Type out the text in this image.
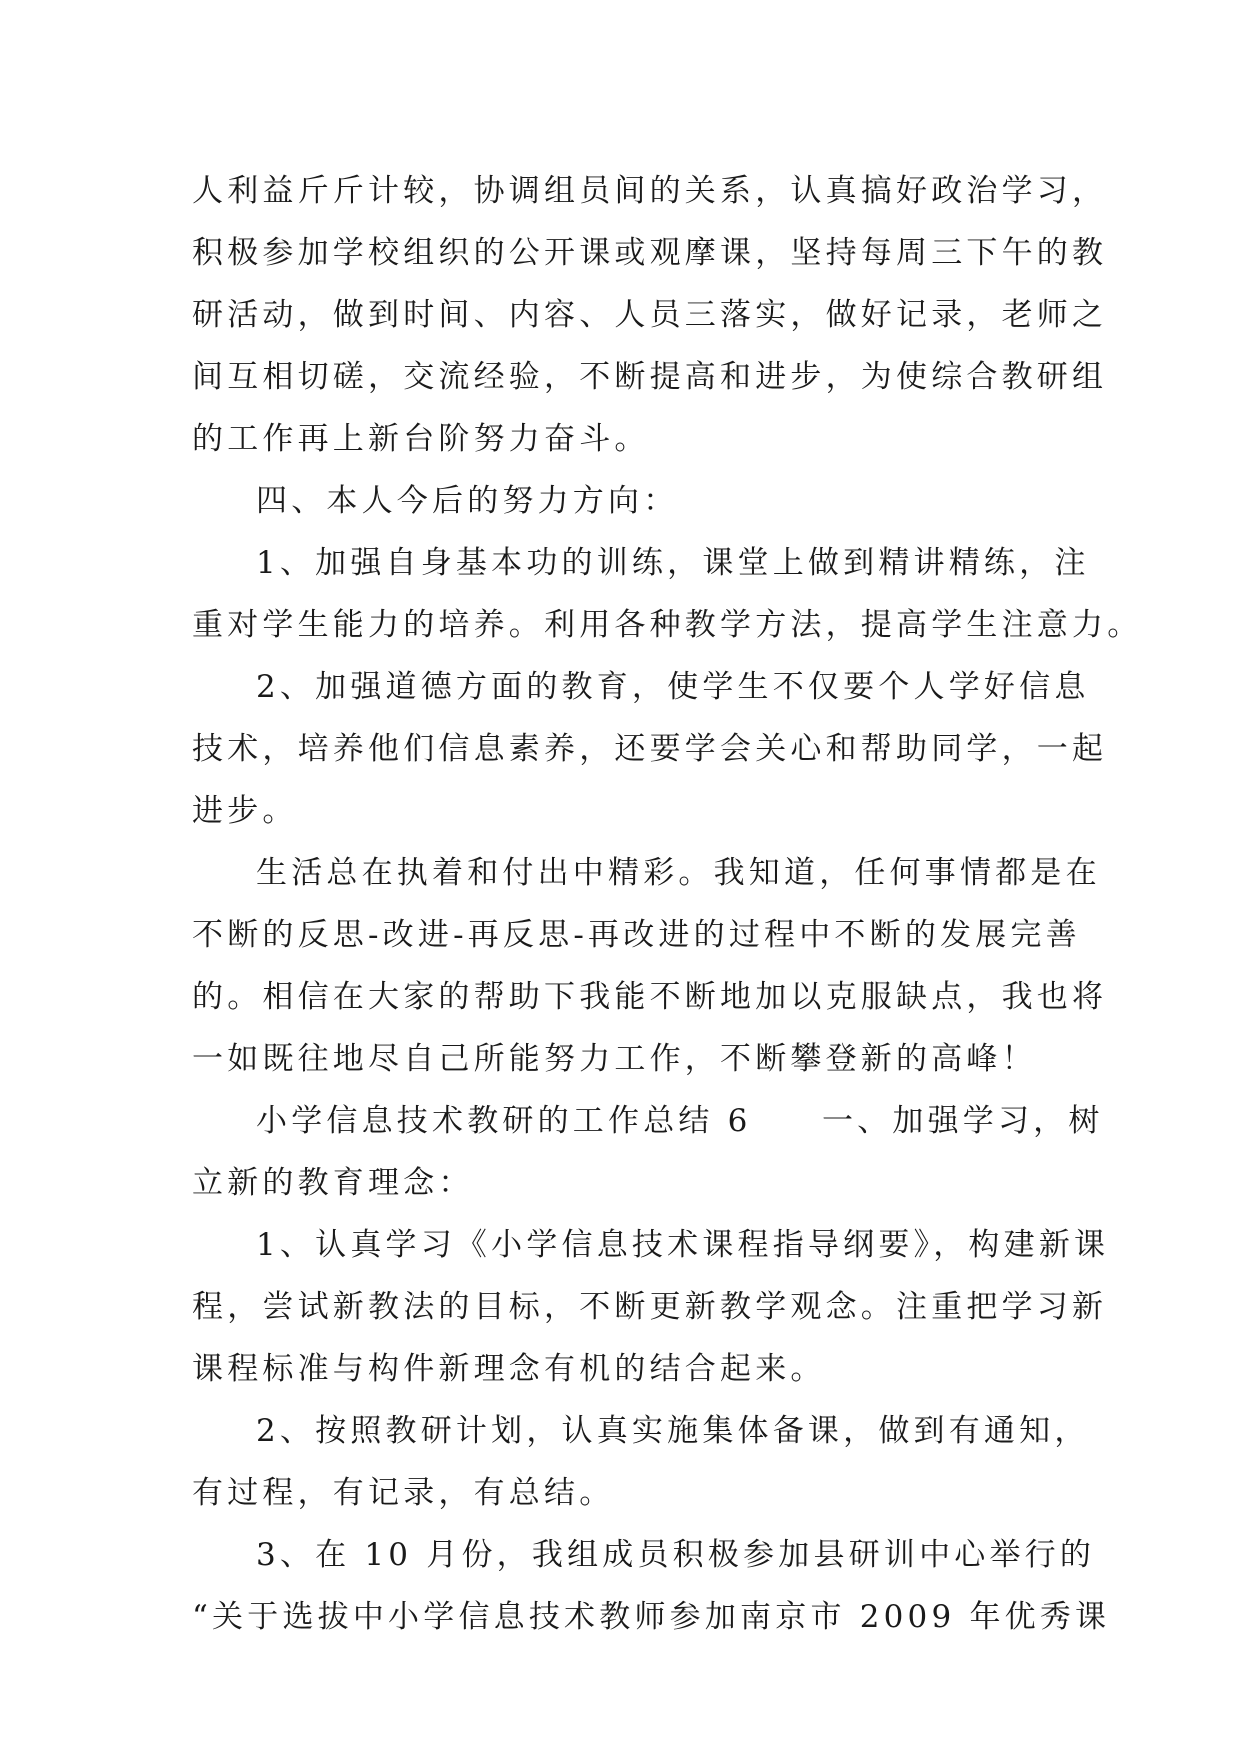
人利益斤斤计较，协调组员间的关系，认真搞好政治学习，
积极参加学校组织的公开课或观摩课，坚持每周三下午的教
研活动，做到时间、内容、人员三落实，做好记录，老师之
间互相切磋，交流经验，不断提高和进步，为使综合教研组
的工作再上新台阶努力奋斗。
四、本人今后的努力方向：
1、加强自身基本功的训练，课堂上做到精讲精练，注
重对学生能力的培养。利用各种教学方法，提高学生注意力。
2、加强道德方面的教育，使学生不仅要个人学好信息
技术，培养他们信息素养，还要学会关心和帮助同学，一起
进步。
生活总在执着和付出中精彩。我知道，任何事情都是在
不断的反思-改进-再反思-再改进的过程中不断的发展完善
的。相信在大家的帮助下我能不断地加以克服缺点，我也将
一如既往地尽自己所能努力工作，不断攀登新的高峰！
小学信息技术教研的工作总结 6　　一、加强学习，树
立新的教育理念：
1、认真学习《小学信息技术课程指导纲要》，构建新课
程，尝试新教法的目标，不断更新教学观念。注重把学习新
课程标准与构件新理念有机的结合起来。
2、按照教研计划，认真实施集体备课，做到有通知，
有过程，有记录，有总结。
3、在 10 月份，我组成员积极参加县研训中心举行的
“关于选拔中小学信息技术教师参加南京市 2009 年优秀课
